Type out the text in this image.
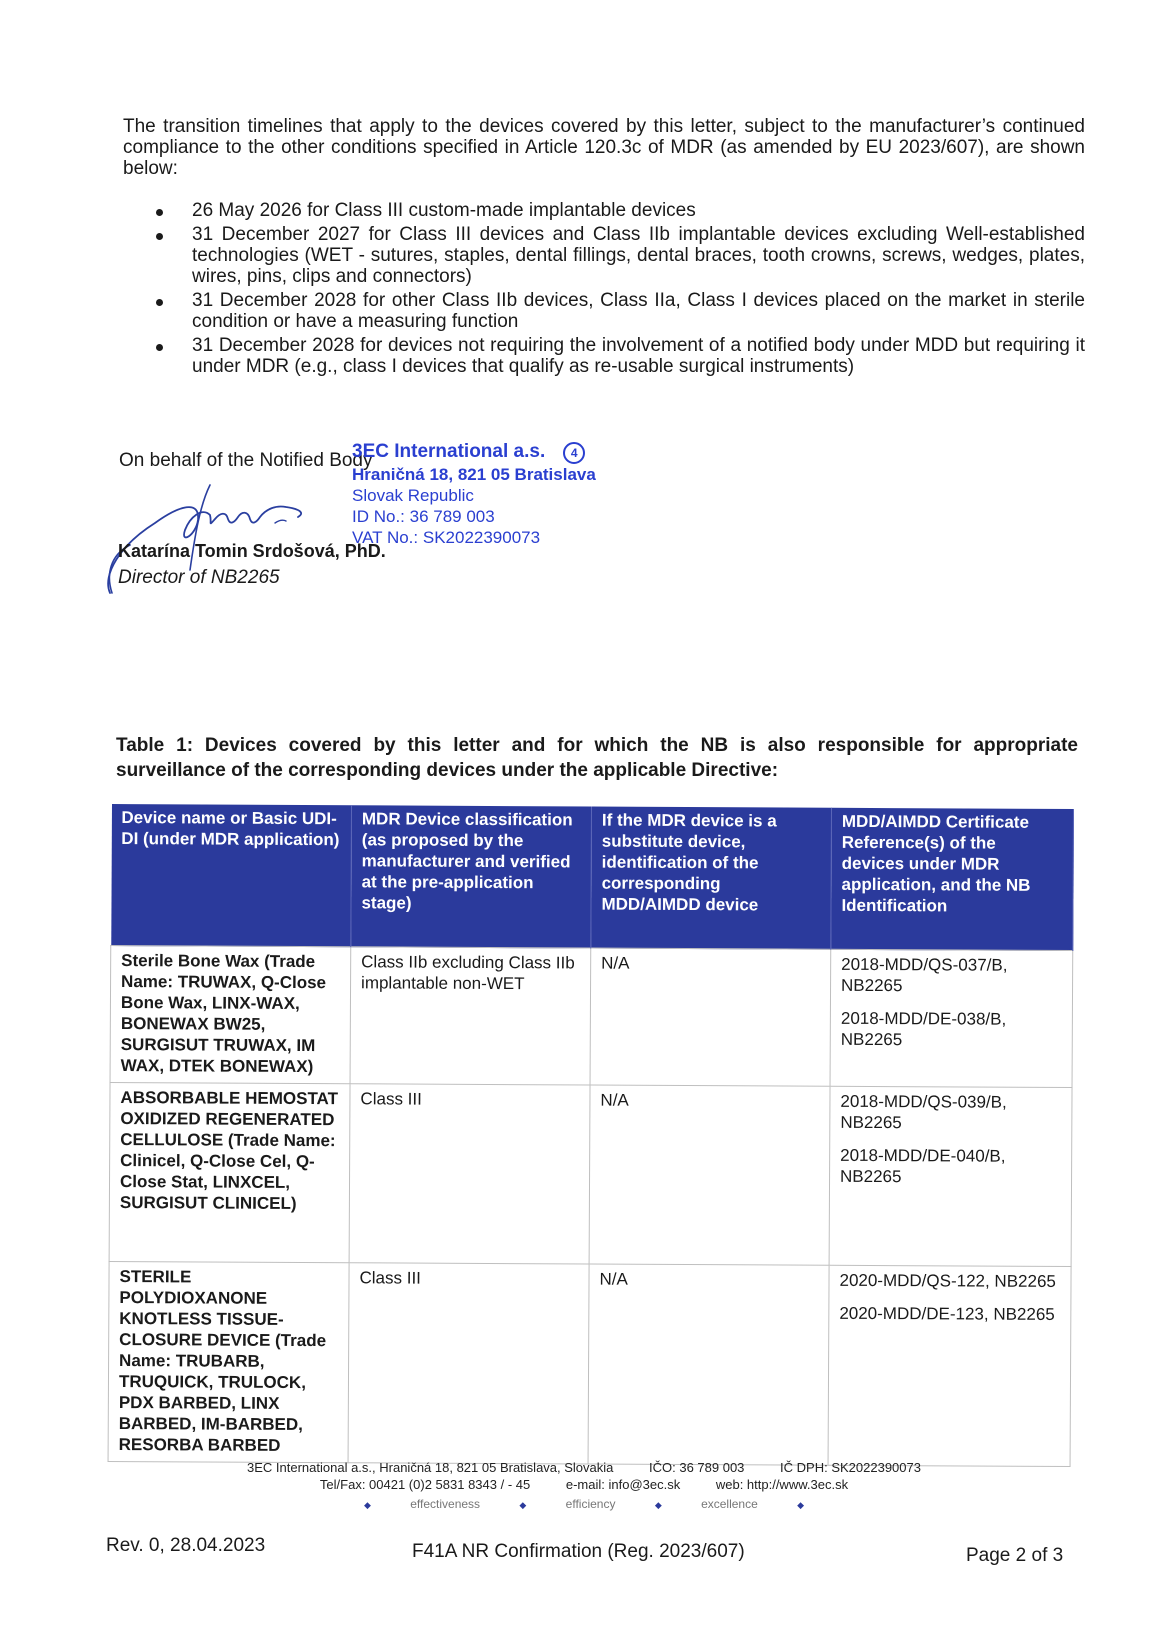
The transition timelines that apply to the devices covered by this letter, subject to the manufacturer’s continued compliance to the other conditions specified in Article 120.3c of MDR (as amended by EU 2023/607), are shown below:

26 May 2026 for Class III custom-made implantable devices
31 December 2027 for Class III devices and Class IIb implantable devices excluding Well-established technologies (WET - sutures, staples, dental fillings, dental braces, tooth crowns, screws, wedges, plates, wires, pins, clips and connectors)
31 December 2028 for other Class IIb devices, Class IIa, Class I devices placed on the market in sterile condition or have a measuring function
31 December 2028 for devices not requiring the involvement of a notified body under MDD but requiring it under MDR (e.g., class I devices that qualify as re-usable surgical instruments)
On behalf of the Notified Body
3EC International a.s. 4
Hraničná 18, 821 05 Bratislava
Slovak Republic
ID No.: 36 789 003
VAT No.: SK2022390073
Katarína Tomin Srdošová, PhD.
Director of NB2265
Table 1: Devices covered by this letter and for which the NB is also responsible for appropriate surveillance of the corresponding devices under the applicable Directive:
Device name or Basic UDI-DI (under MDR application)	MDR Device classification (as proposed by the manufacturer and verified at the pre-application stage)	If the MDR device is a substitute device, identification of the corresponding MDD/AIMDD device	MDD/AIMDD Certificate Reference(s) of the devices under MDR application, and the NB Identification
Sterile Bone Wax (Trade Name: TRUWAX, Q-Close Bone Wax, LINX-WAX, BONEWAX BW25, SURGISUT TRUWAX, IM WAX, DTEK BONEWAX)	Class IIb excluding Class IIb implantable non-WET	N/A	2018-MDD/QS-037/B, NB2265
2018-MDD/DE-038/B, NB2265

ABSORBABLE HEMOSTAT OXIDIZED REGENERATED CELLULOSE (Trade Name: Clinicel, Q-Close Cel, Q-Close Stat, LINXCEL, SURGISUT CLINICEL)	Class III	N/A	2018-MDD/QS-039/B, NB2265
2018-MDD/DE-040/B, NB2265

STERILE POLYDIOXANONE KNOTLESS TISSUE-CLOSURE DEVICE (Trade Name: TRUBARB, TRUQUICK, TRULOCK, PDX BARBED, LINX BARBED, IM-BARBED, RESORBA BARBED	Class III	N/A	2020-MDD/QS-122, NB2265
2020-MDD/DE-123, NB2265
3EC International a.s., Hraničná 18, 821 05 Bratislava, Slovakia	IČO: 36 789 003	IČ DPH: SK2022390073
Tel/Fax: 00421 (0)2 5831 8343 / - 45	e-mail: info@3ec.sk	web: http://www.3ec.sk
◆	effectiveness	◆	efficiency	◆	excellence	◆
Rev. 0, 28.04.2023	F41A NR Confirmation (Reg. 2023/607)	Page 2 of 3
